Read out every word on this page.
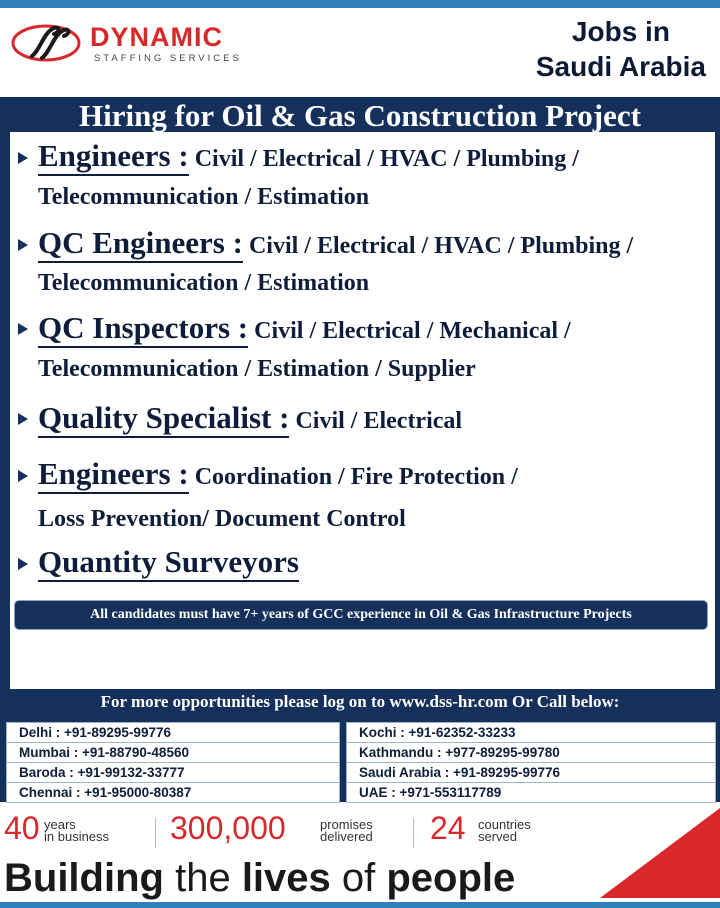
DYNAMIC
STAFFING SERVICES
Jobs in
Saudi Arabia
Hiring for Oil & Gas Construction Project
Engineers : Civil / Electrical / HVAC / Plumbing /
Telecommunication / Estimation
QC Engineers : Civil / Electrical / HVAC / Plumbing /
Telecommunication / Estimation
QC Inspectors : Civil / Electrical / Mechanical /
Telecommunication / Estimation / Supplier
Quality Specialist : Civil / Electrical
Engineers : Coordination / Fire Protection /
Loss Prevention/ Document Control
Quantity Surveyors
All candidates must have 7+ years of GCC experience in Oil & Gas Infrastructure Projects
To apply : Send your CV at resume@dss-hr.com with educational/
experience certificates.
For more opportunities please log on to www.dss-hr.com Or Call below:
Delhi : +91-89295-99776
Mumbai : +91-88790-48560
Baroda : +91-99132-33777
Chennai : +91-95000-80387
Kochi : +91-62352-33233
Kathmandu : +977-89295-99780
Saudi Arabia : +91-89295-99776
UAE : +971-553117789
40 years
in business 300,000	promises
delivered 24 countries
served
Building the lives of people
